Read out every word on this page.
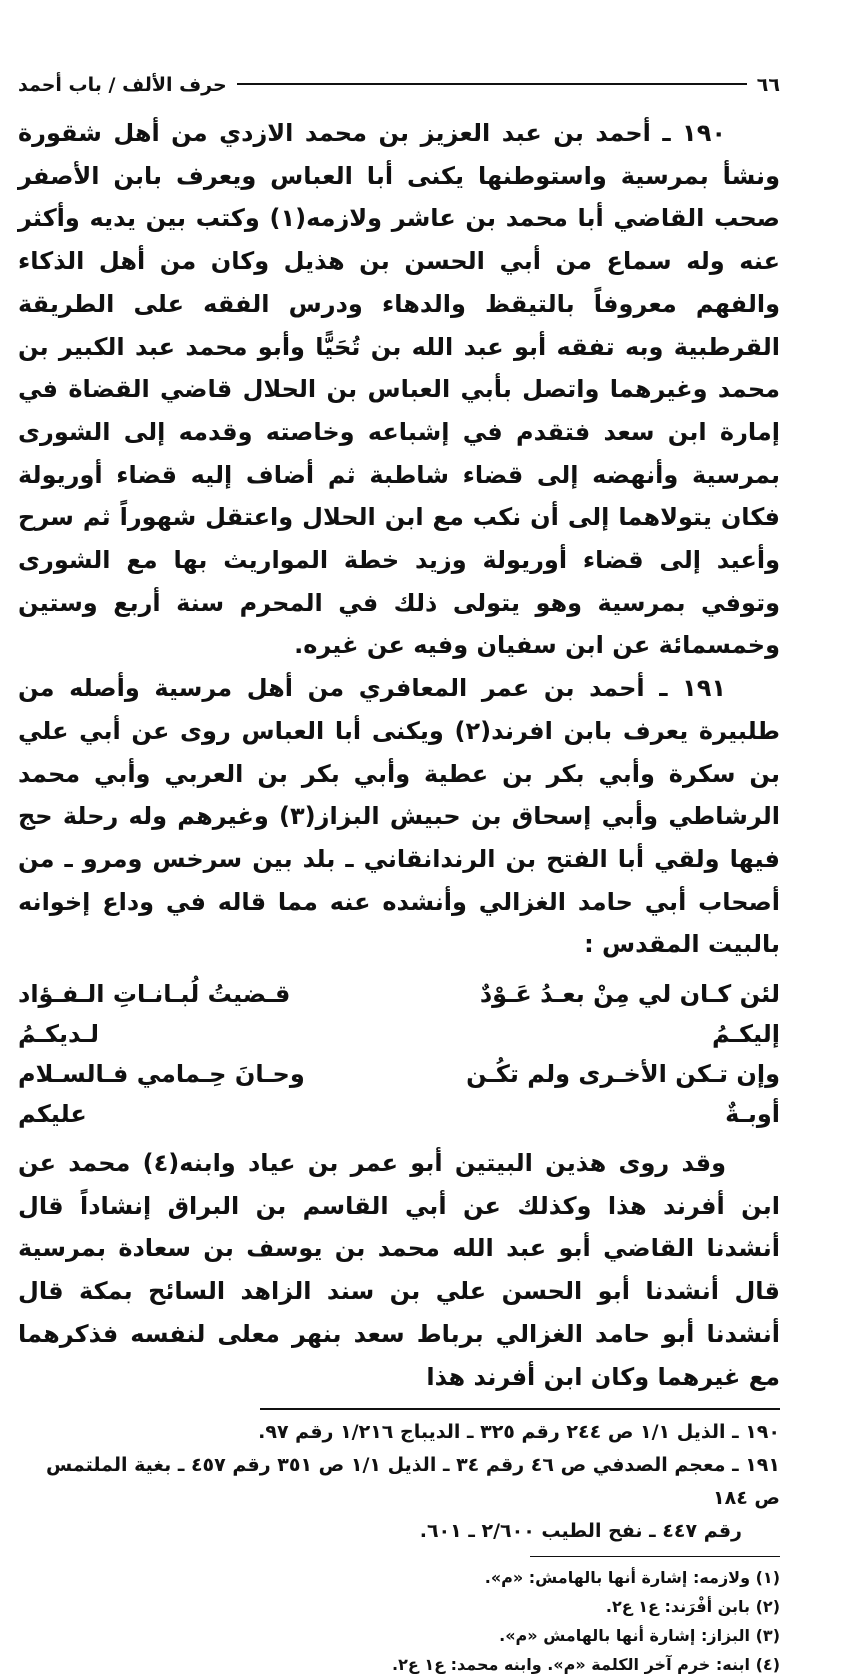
٦٦
حرف الألف / باب أحمد

١٩٠ ـ أحمد بن عبد العزيز بن محمد الازدي من أهل شقورة ونشأ بمرسية واستوطنها يكنى أبا العباس ويعرف بابن الأصفر صحب القاضي أبا محمد بن عاشر ولازمه(١) وكتب بين يديه وأكثر عنه وله سماع من أبي الحسن بن هذيل وكان من أهل الذكاء والفهم معروفاً بالتيقظ والدهاء ودرس الفقه على الطريقة القرطبية وبه تفقه أبو عبد الله بن تُحَيًّا وأبو محمد عبد الكبير بن محمد وغيرهما واتصل بأبي العباس بن الحلال قاضي القضاة في إمارة ابن سعد فتقدم في إشباعه وخاصته وقدمه إلى الشورى بمرسية وأنهضه إلى قضاء شاطبة ثم أضاف إليه قضاء أوريولة فكان يتولاهما إلى أن نكب مع ابن الحلال واعتقل شهوراً ثم سرح وأعيد إلى قضاء أوريولة وزيد خطة المواريث بها مع الشورى وتوفي بمرسية وهو يتولى ذلك في المحرم سنة أربع وستين وخمسمائة عن ابن سفيان وفيه عن غيره.

١٩١ ـ أحمد بن عمر المعافري من أهل مرسية وأصله من طلبيرة يعرف بابن افرند(٢) ويكنى أبا العباس روى عن أبي علي بن سكرة وأبي بكر بن عطية وأبي بكر بن العربي وأبي محمد الرشاطي وأبي إسحاق بن حبيش البزاز(٣) وغيرهم وله رحلة حج فيها ولقي أبا الفتح بن الرندانقاني ـ بلد بين سرخس ومرو ـ من أصحاب أبي حامد الغزالي وأنشده عنه مما قاله في وداع إخوانه بالبيت المقدس :

لئن كـان لي مِنْ بعـدُ عَـوْدٌ إليكـمُ
قـضيتُ لُبـانـاتِ الـفـؤاد لـديكـمُ
وإن تـكن الأخـرى ولم تكُـن أوبـةٌ
وحـانَ حِـمامي فـالسـلام عليكم

وقد روى هذين البيتين أبو عمر بن عياد وابنه(٤) محمد عن ابن أفرند هذا وكذلك عن أبي القاسم بن البراق إنشاداً قال أنشدنا القاضي أبو عبد الله محمد بن يوسف بن سعادة بمرسية قال أنشدنا أبو الحسن علي بن سند الزاهد السائح بمكة قال أنشدنا أبو حامد الغزالي برباط سعد بنهر معلى لنفسه فذكرهما مع غيرهما وكان ابن أفرند هذا

١٩٠ ـ الذيل ١/١ ص ٢٤٤ رقم ٣٢٥ ـ الديباج ١/٢١٦ رقم ٩٧.
١٩١ ـ معجم الصدفي ص ٤٦ رقم ٣٤ ـ الذيل ١/١ ص ٣٥١ رقم ٤٥٧ ـ بغية الملتمس ص ١٨٤
رقم ٤٤٧ ـ نفح الطيب ٢/٦٠٠ ـ ٦٠١.
(١) ولازمه: إشارة أنها بالهامش: «م».
(٢) بابن أفْرَند: ع١ ع٢.
(٣) البزاز: إشارة أنها بالهامش «م».
(٤) ابنه: خرم آخر الكلمة «م». وابنه محمد: ع١ ع٢.
